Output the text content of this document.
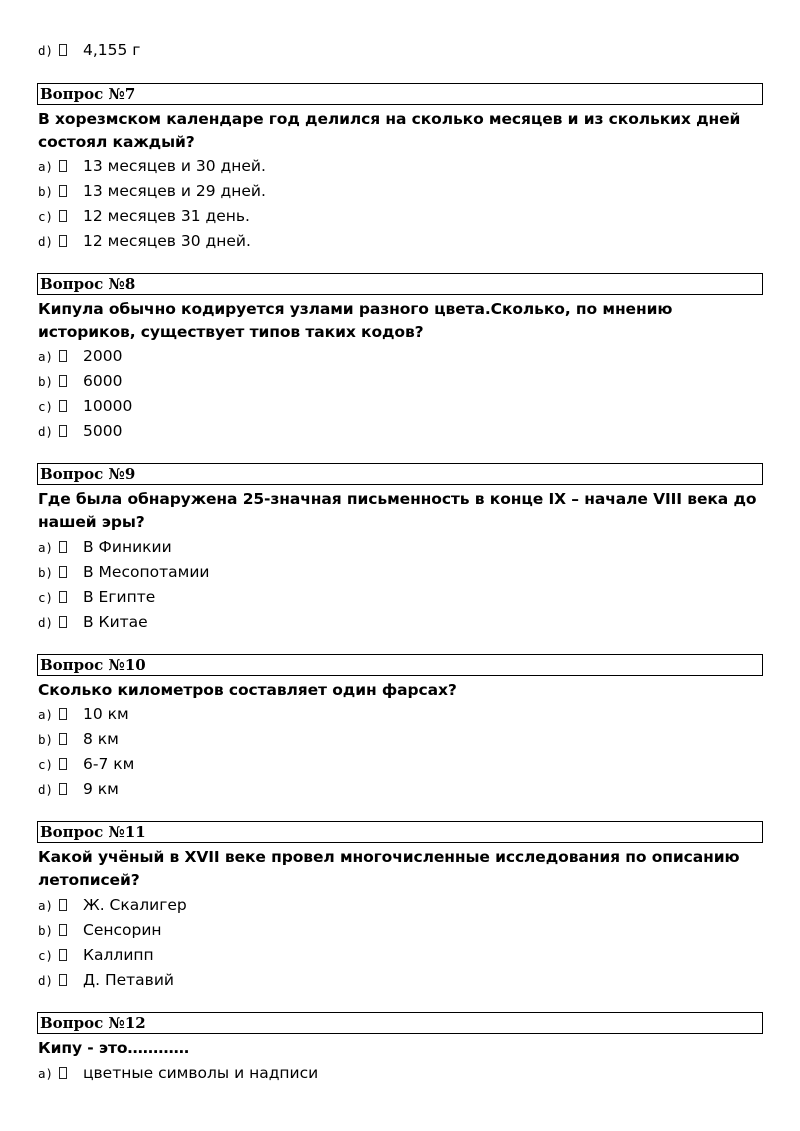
d) 4,155 г
Вопрос №7
В хорезмском календаре год делился на сколько месяцев и из скольких дней состоял каждый?
a) 13 месяцев и 30 дней.
b) 13 месяцев и 29 дней.
c) 12 месяцев 31 день.
d) 12 месяцев 30 дней.
Вопрос №8
Кипула обычно кодируется узлами разного цвета.Сколько, по мнению историков, существует типов таких кодов?
a) 2000
b) 6000
c) 10000
d) 5000
Вопрос №9
Где была обнаружена 25-значная письменность в конце IX – начале VIII века до нашей эры?
a) В Финикии
b) В Месопотамии
c) В Египте
d) В Китае
Вопрос №10
Сколько километров составляет один фарсах?
a) 10 км
b) 8 км
c) 6-7 км
d) 9 км
Вопрос №11
Какой учёный в XVII веке провел многочисленные исследования по описанию летописей?
a) Ж. Скалигер
b) Сенсорин
c) Каллипп
d) Д. Петавий
Вопрос №12
Кипу - это…………
a) цветные символы и надписи
